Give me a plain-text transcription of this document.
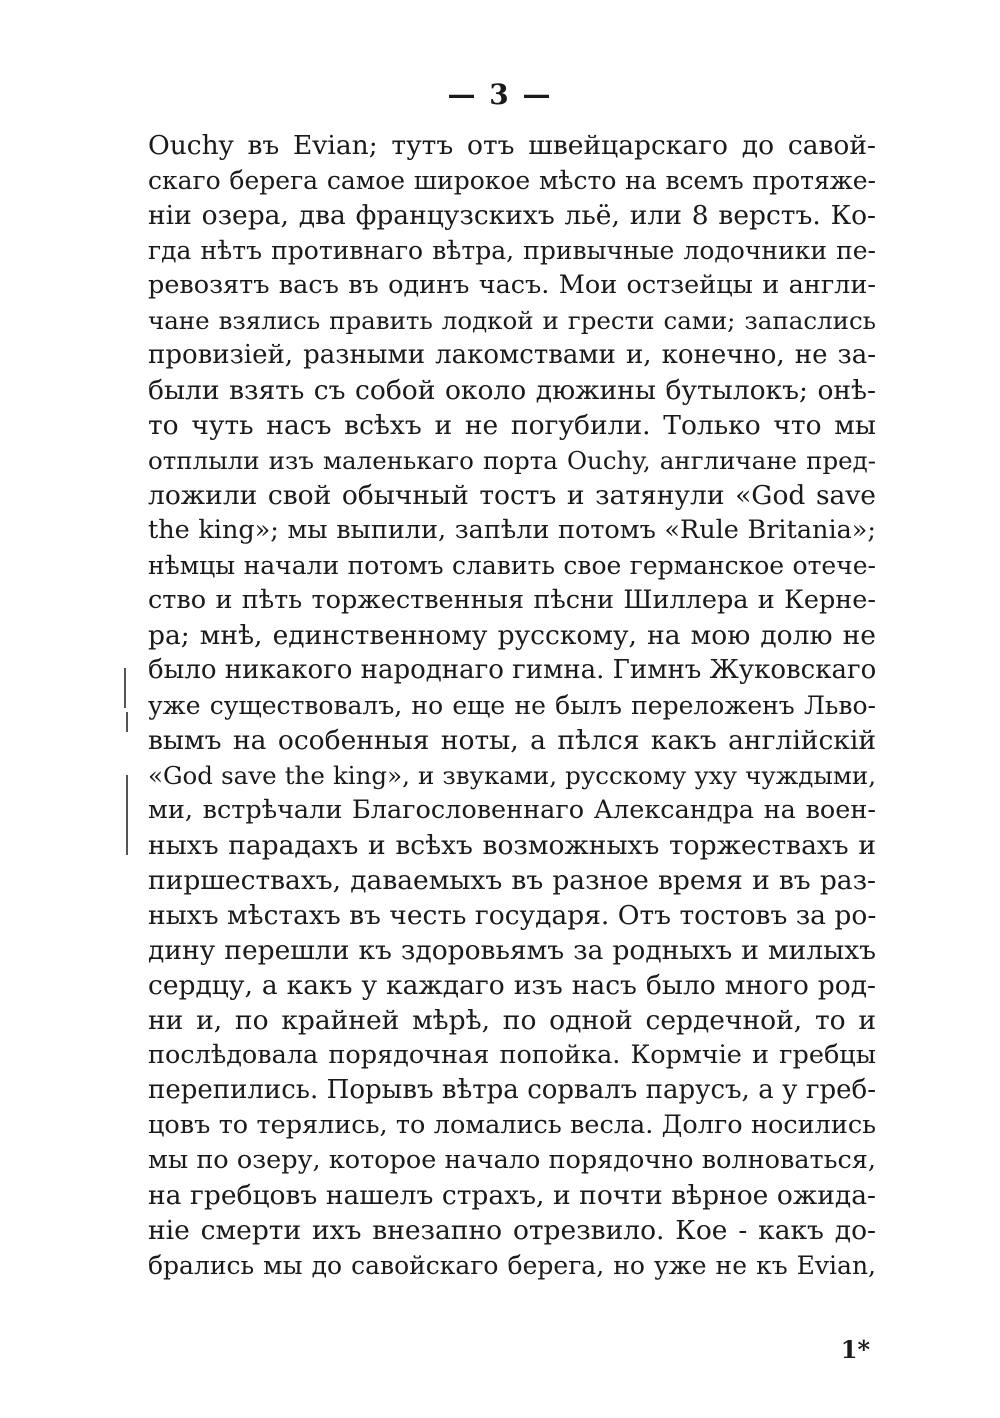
— 3 —
Ouchy въ Evian; тутъ отъ швейцарскаго до савой-
скаго берега самое широкое мѣсто на всемъ протяже-
ніи озера, два французскихъ льё, или 8 верстъ. Ко-
гда нѣтъ противнаго вѣтра, привычные лодочники пе-
ревозятъ васъ въ одинъ часъ. Мои остзейцы и англи-
чане взялись править лодкой и грести сами; запаслись
провизіей, разными лакомствами и, конечно, не за-
были взять съ собой около дюжины бутылокъ; онѣ-
то чуть насъ всѣхъ и не погубили. Только что мы
отплыли изъ маленькаго порта Ouchy, англичане пред-
ложили свой обычный тостъ и затянули «God save
the king»; мы выпили, запѣли потомъ «Rule Britania»;
нѣмцы начали потомъ славить свое германское отече-
ство и пѣть торжественныя пѣсни Шиллера и Керне-
ра; мнѣ, единственному русскому, на мою долю не
было никакого народнаго гимна. Гимнъ Жуковскаго
уже существовалъ, но еще не былъ переложенъ Льво-
вымъ на особенныя ноты, а пѣлся какъ англійскій
«God save the king», и звуками, русскому уху чуждыми,
ми, встрѣчали Благословеннаго Александра на воен-
ныхъ парадахъ и всѣхъ возможныхъ торжествахъ и
пиршествахъ, даваемыхъ въ разное время и въ раз-
ныхъ мѣстахъ въ честь государя. Отъ тостовъ за ро-
дину перешли къ здоровьямъ за родныхъ и милыхъ
сердцу, а какъ у каждаго изъ насъ было много род-
ни и, по крайней мѣрѣ, по одной сердечной, то и
послѣдовала порядочная попойка. Кормчіе и гребцы
перепились. Порывъ вѣтра сорвалъ парусъ, а у греб-
цовъ то терялись, то ломались весла. Долго носились
мы по озеру, которое начало порядочно волноваться,
на гребцовъ нашелъ страхъ, и почти вѣрное ожида-
ніе смерти ихъ внезапно отрезвило. Кое - какъ до-
брались мы до савойскаго берега, но уже не къ Evian,
1*
